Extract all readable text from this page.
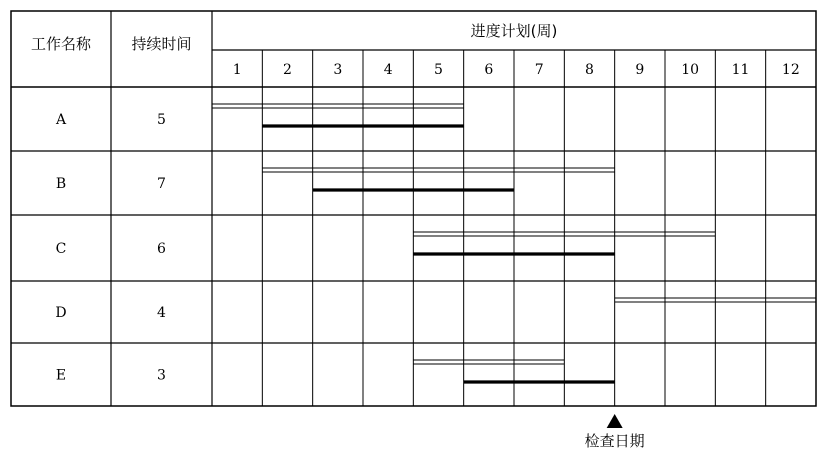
工作名称	持续时间
进度计划(周)
1	2	3	4	5	6	7	8	9	10 11 12
A	5
B	7
C	6
D	4
E	3
检查日期
